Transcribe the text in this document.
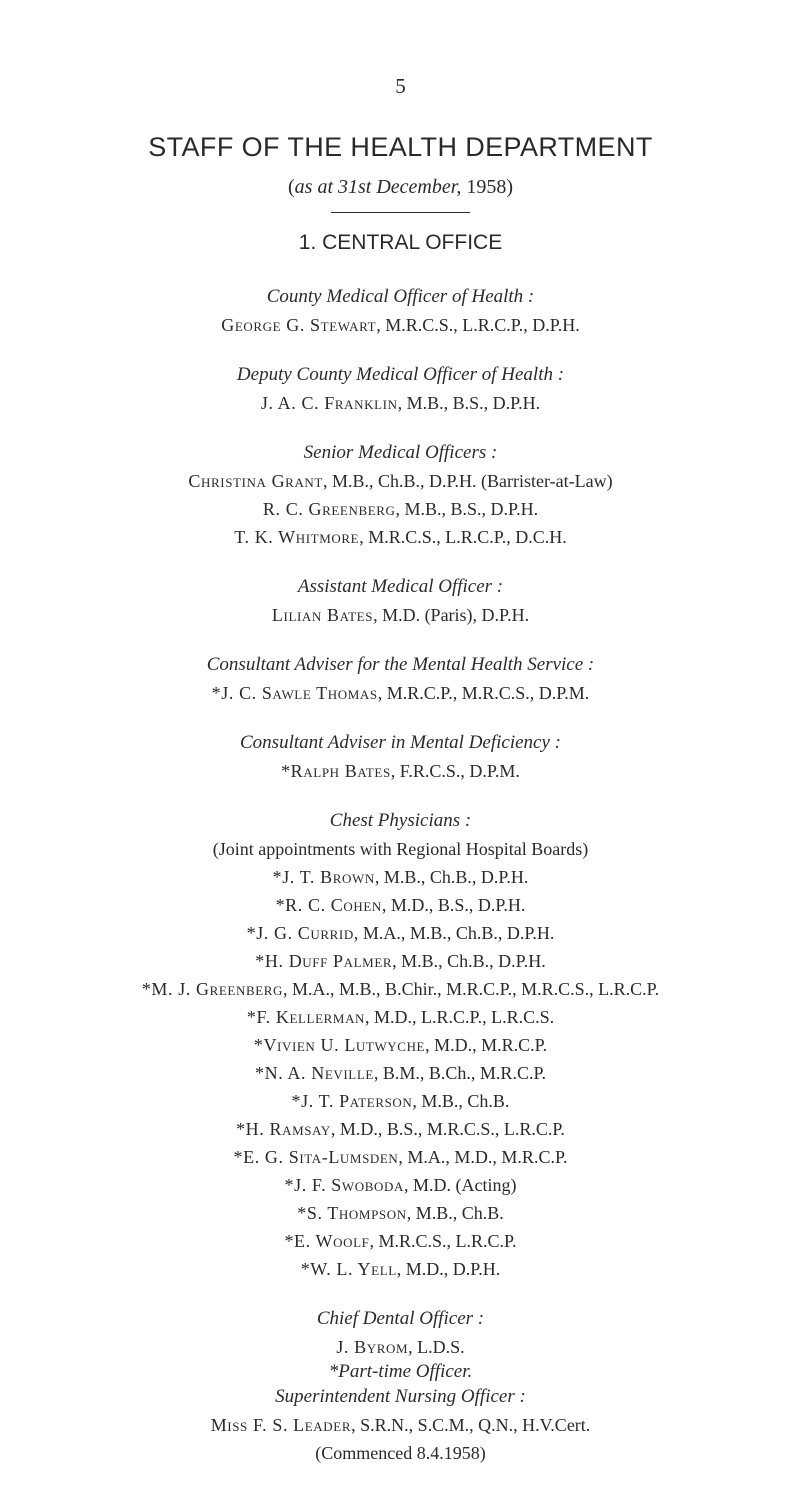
5
STAFF OF THE HEALTH DEPARTMENT
(as at 31st December, 1958)
1. CENTRAL OFFICE
County Medical Officer of Health :
George G. Stewart, M.R.C.S., L.R.C.P., D.P.H.
Deputy County Medical Officer of Health :
J. A. C. Franklin, M.B., B.S., D.P.H.
Senior Medical Officers :
Christina Grant, M.B., Ch.B., D.P.H. (Barrister-at-Law)
R. C. Greenberg, M.B., B.S., D.P.H.
T. K. Whitmore, M.R.C.S., L.R.C.P., D.C.H.
Assistant Medical Officer :
Lilian Bates, M.D. (Paris), D.P.H.
Consultant Adviser for the Mental Health Service :
*J. C. Sawle Thomas, M.R.C.P., M.R.C.S., D.P.M.
Consultant Adviser in Mental Deficiency :
*Ralph Bates, F.R.C.S., D.P.M.
Chest Physicians :
(Joint appointments with Regional Hospital Boards)
*J. T. Brown, M.B., Ch.B., D.P.H.
*R. C. Cohen, M.D., B.S., D.P.H.
*J. G. Currid, M.A., M.B., Ch.B., D.P.H.
*H. Duff Palmer, M.B., Ch.B., D.P.H.
*M. J. Greenberg, M.A., M.B., B.Chir., M.R.C.P., M.R.C.S., L.R.C.P.
*F. Kellerman, M.D., L.R.C.P., L.R.C.S.
*Vivien U. Lutwyche, M.D., M.R.C.P.
*N. A. Neville, B.M., B.Ch., M.R.C.P.
*J. T. Paterson, M.B., Ch.B.
*H. Ramsay, M.D., B.S., M.R.C.S., L.R.C.P.
*E. G. Sita-Lumsden, M.A., M.D., M.R.C.P.
*J. F. Swoboda, M.D. (Acting)
*S. Thompson, M.B., Ch.B.
*E. Woolf, M.R.C.S., L.R.C.P.
*W. L. Yell, M.D., D.P.H.
Chief Dental Officer :
J. Byrom, L.D.S.
Superintendent Nursing Officer :
Miss F. S. Leader, S.R.N., S.C.M., Q.N., H.V.Cert.
(Commenced 8.4.1958)
*Part-time Officer.
